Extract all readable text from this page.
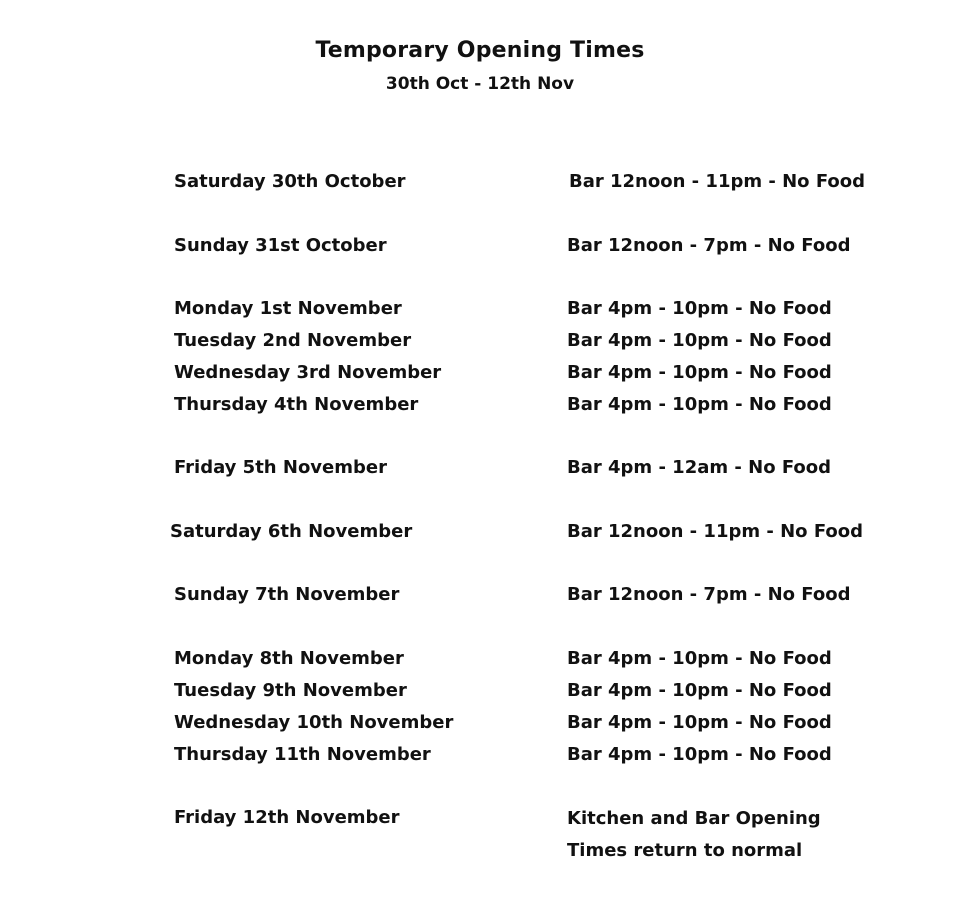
Temporary Opening Times
30th Oct - 12th Nov
Saturday 30th October	Bar 12noon - 11pm - No Food
Sunday 31st October	Bar 12noon - 7pm - No Food
Monday 1st November	Bar 4pm - 10pm - No Food
Tuesday 2nd November	Bar 4pm - 10pm - No Food
Wednesday 3rd November	Bar 4pm - 10pm - No Food
Thursday 4th November	Bar 4pm - 10pm - No Food
Friday 5th November	Bar 4pm - 12am - No Food
Saturday 6th November	Bar 12noon - 11pm - No Food
Sunday 7th November	Bar 12noon - 7pm - No Food
Monday 8th November	Bar 4pm - 10pm - No Food
Tuesday 9th November	Bar 4pm - 10pm - No Food
Wednesday 10th November	Bar 4pm - 10pm - No Food
Thursday 11th November	Bar 4pm - 10pm - No Food
Friday 12th November	Kitchen and Bar Opening
Times return to normal
